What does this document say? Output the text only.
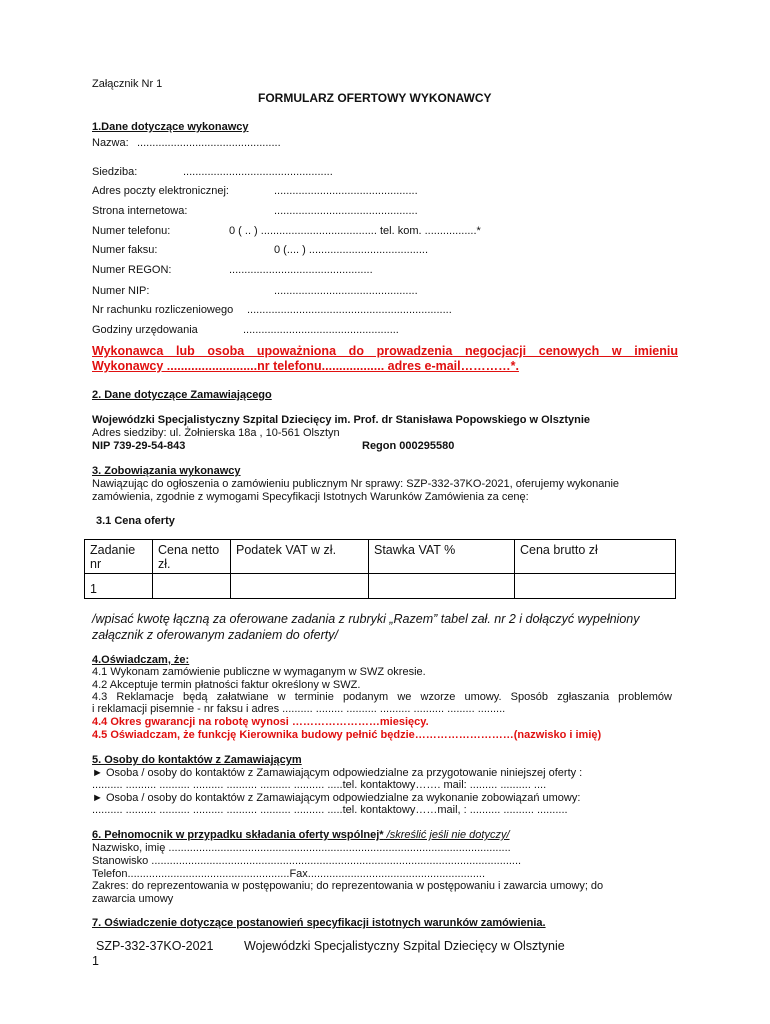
Załącznik Nr 1
FORMULARZ OFERTOWY WYKONAWCY
1.Dane dotyczące wykonawcy
Nazwa: ...............................................
Siedziba:	.................................................
Adres poczty elektronicznej:	...............................................
Strona internetowa:	...............................................
Numer telefonu:	0 ( .. ) ...................................... tel. kom. .................*
Numer faksu:	0 (.... ) .......................................
Numer REGON:	...............................................
Numer NIP:	...............................................
Nr rachunku rozliczeniowego ...................................................................
Godziny urzędowania	...................................................
Wykonawca lub osoba upoważniona do prowadzenia negocjacji cenowych w imieniu
Wykonawcy ..........................nr telefonu.................. adres e-mail…………*.
2. Dane dotyczące Zamawiającego
Wojewódzki Specjalistyczny Szpital Dziecięcy im. Prof. dr Stanisława Popowskiego w Olsztynie
Adres siedziby: ul. Żołnierska 18a , 10-561 Olsztyn
NIP 739-29-54-843	Regon 000295580
3. Zobowiązania wykonawcy
Nawiązując do ogłoszenia o zamówieniu publicznym Nr sprawy: SZP-332-37KO-2021, oferujemy wykonanie
zamówienia, zgodnie z wymogami Specyfikacji Istotnych Warunków Zamówienia za cenę:
3.1 Cena oferty
Zadanie nr	Cena netto zł.	Podatek VAT w zł.	Stawka VAT %	Cena brutto zł
1				
/wpisać kwotę łączną za oferowane zadania z rubryki „Razem” tabel zał. nr 2 i dołączyć wypełniony
załącznik z oferowanym zadaniem do oferty/
4.Oświadczam, że:
4.1 Wykonam zamówienie publiczne w wymaganym w SWZ okresie.
4.2 Akceptuje termin płatności faktur określony w SWZ.
4.3 Reklamacje będą załatwiane w terminie podanym we wzorze umowy. Sposób zgłaszania problemów
i reklamacji pisemnie - nr faksu i adres .......... ......... .......... .......... .......... ......... .........
4.4 Okres gwarancji na robotę wynosi ……………………miesięcy.
4.5 Oświadczam, że funkcję Kierownika budowy pełnić będzie………………………(nazwisko i imię)
5. Osoby do kontaktów z Zamawiającym
► Osoba / osoby do kontaktów z Zamawiającym odpowiedzialne za przygotowanie niniejszej oferty :
.......... .......... .......... .......... .......... .......... .......... .....tel. kontaktowy……. mail: ......... .......... ....
► Osoba / osoby do kontaktów z Zamawiającym odpowiedzialne za wykonanie zobowiązań umowy:
.......... .......... .......... .......... .......... .......... .......... .....tel. kontaktowy……mail, : .......... .......... ..........
6. Pełnomocnik w przypadku składania oferty wspólnej* /skreślić jeśli nie dotyczy/
Nazwisko, imię ................................................................................................................
Stanowisko .........................................................................................................................
Telefon.....................................................Fax..........................................................
Zakres: do reprezentowania w postępowaniu; do reprezentowania w postępowaniu i zawarcia umowy; do
zawarcia umowy
7. Oświadczenie dotyczące postanowień specyfikacji istotnych warunków zamówienia.
SZP-332-37KO-2021 Wojewódzki Specjalistyczny Szpital Dziecięcy w Olsztynie
1
